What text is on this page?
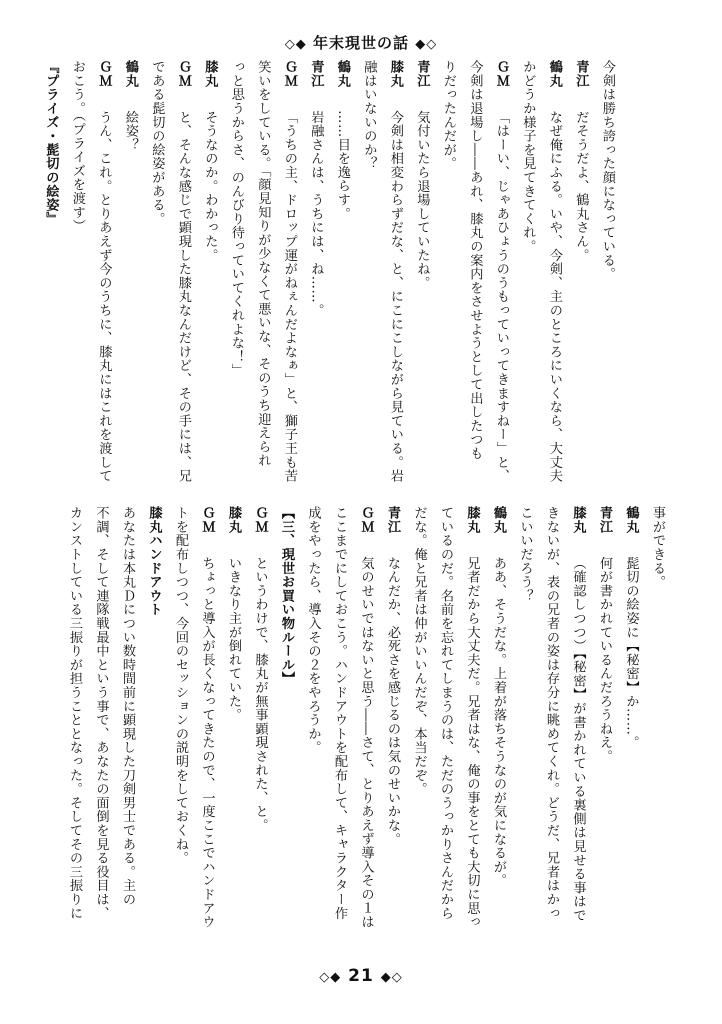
◇◆ 年末現世の話 ◆◇
今剣は勝ち誇った顔になっている。
青江だそうだよ、鶴丸さん。
鶴丸なぜ俺にふる。いや、今剣、主のところにいくなら、大丈夫
かどうか様子を見てきてくれ。
ＧＭ「はーい、じゃあひょうのうもっていってきますねー」と、
今剣は退場し――あれ、膝丸の案内をさせようとして出したつも
りだったんだが。
青江気付いたら退場していたね。
膝丸今剣は相変わらずだな、と、にこにこしながら見ている。岩
融はいないのか？
鶴丸……目を逸らす。
青江岩融さんは、うちには、ね……。
ＧＭ「うちの主、ドロップ運がねぇんだよなぁ」と、獅子王も苦
笑いをしている。「顔見知りが少なくて悪いな、そのうち迎えられ
っと思うからさ、のんびり待っていてくれよな！」
膝丸そうなのか。わかった。
ＧＭと、そんな感じで顕現した膝丸なんだけど、その手には、兄
である髭切の絵姿がある。
鶴丸絵姿？
ＧＭうん、これ。とりあえず今のうちに、膝丸にはこれを渡して
おこう。（プライズを渡す）
『プライズ・髭切の絵姿』
事ができる。
鶴丸髭切の絵姿に【秘密】か……。
青江何が書かれているんだろうねえ。
膝丸（確認しつつ）【秘密】が書かれている裏側は見せる事はで
きないが、表の兄者の姿は存分に眺めてくれ。どうだ、兄者はかっ
こいいだろう？
鶴丸ああ、そうだな。上着が落ちそうなのが気になるが。
膝丸兄者だから大丈夫だ。兄者はな、俺の事をとても大切に思っ
ているのだ。名前を忘れてしまうのは、ただのうっかりさんだから
だな。俺と兄者は仲がいいんだぞ、本当だぞ。
青江なんだか、必死さを感じるのは気のせいかな。
ＧＭ気のせいではないと思う――さて、とりあえず導入その１は
ここまでにしておこう。ハンドアウトを配布して、キャラクター作
成をやったら、導入その２をやろうか。
【三、現世お買い物ルール】
ＧＭというわけで、膝丸が無事顕現された、と。
膝丸いきなり主が倒れていた。
ＧＭちょっと導入が長くなってきたので、一度ここでハンドアウ
トを配布しつつ、今回のセッションの説明をしておくね。
膝丸ハンドアウト
あなたは本丸Ｄについ数時間前に顕現した刀剣男士である。主の
不調、そして連隊戦最中という事で、あなたの面倒を見る役目は、
カンストしている三振りが担うこととなった。そしてその三振りに
◇◆ 21 ◆◇
